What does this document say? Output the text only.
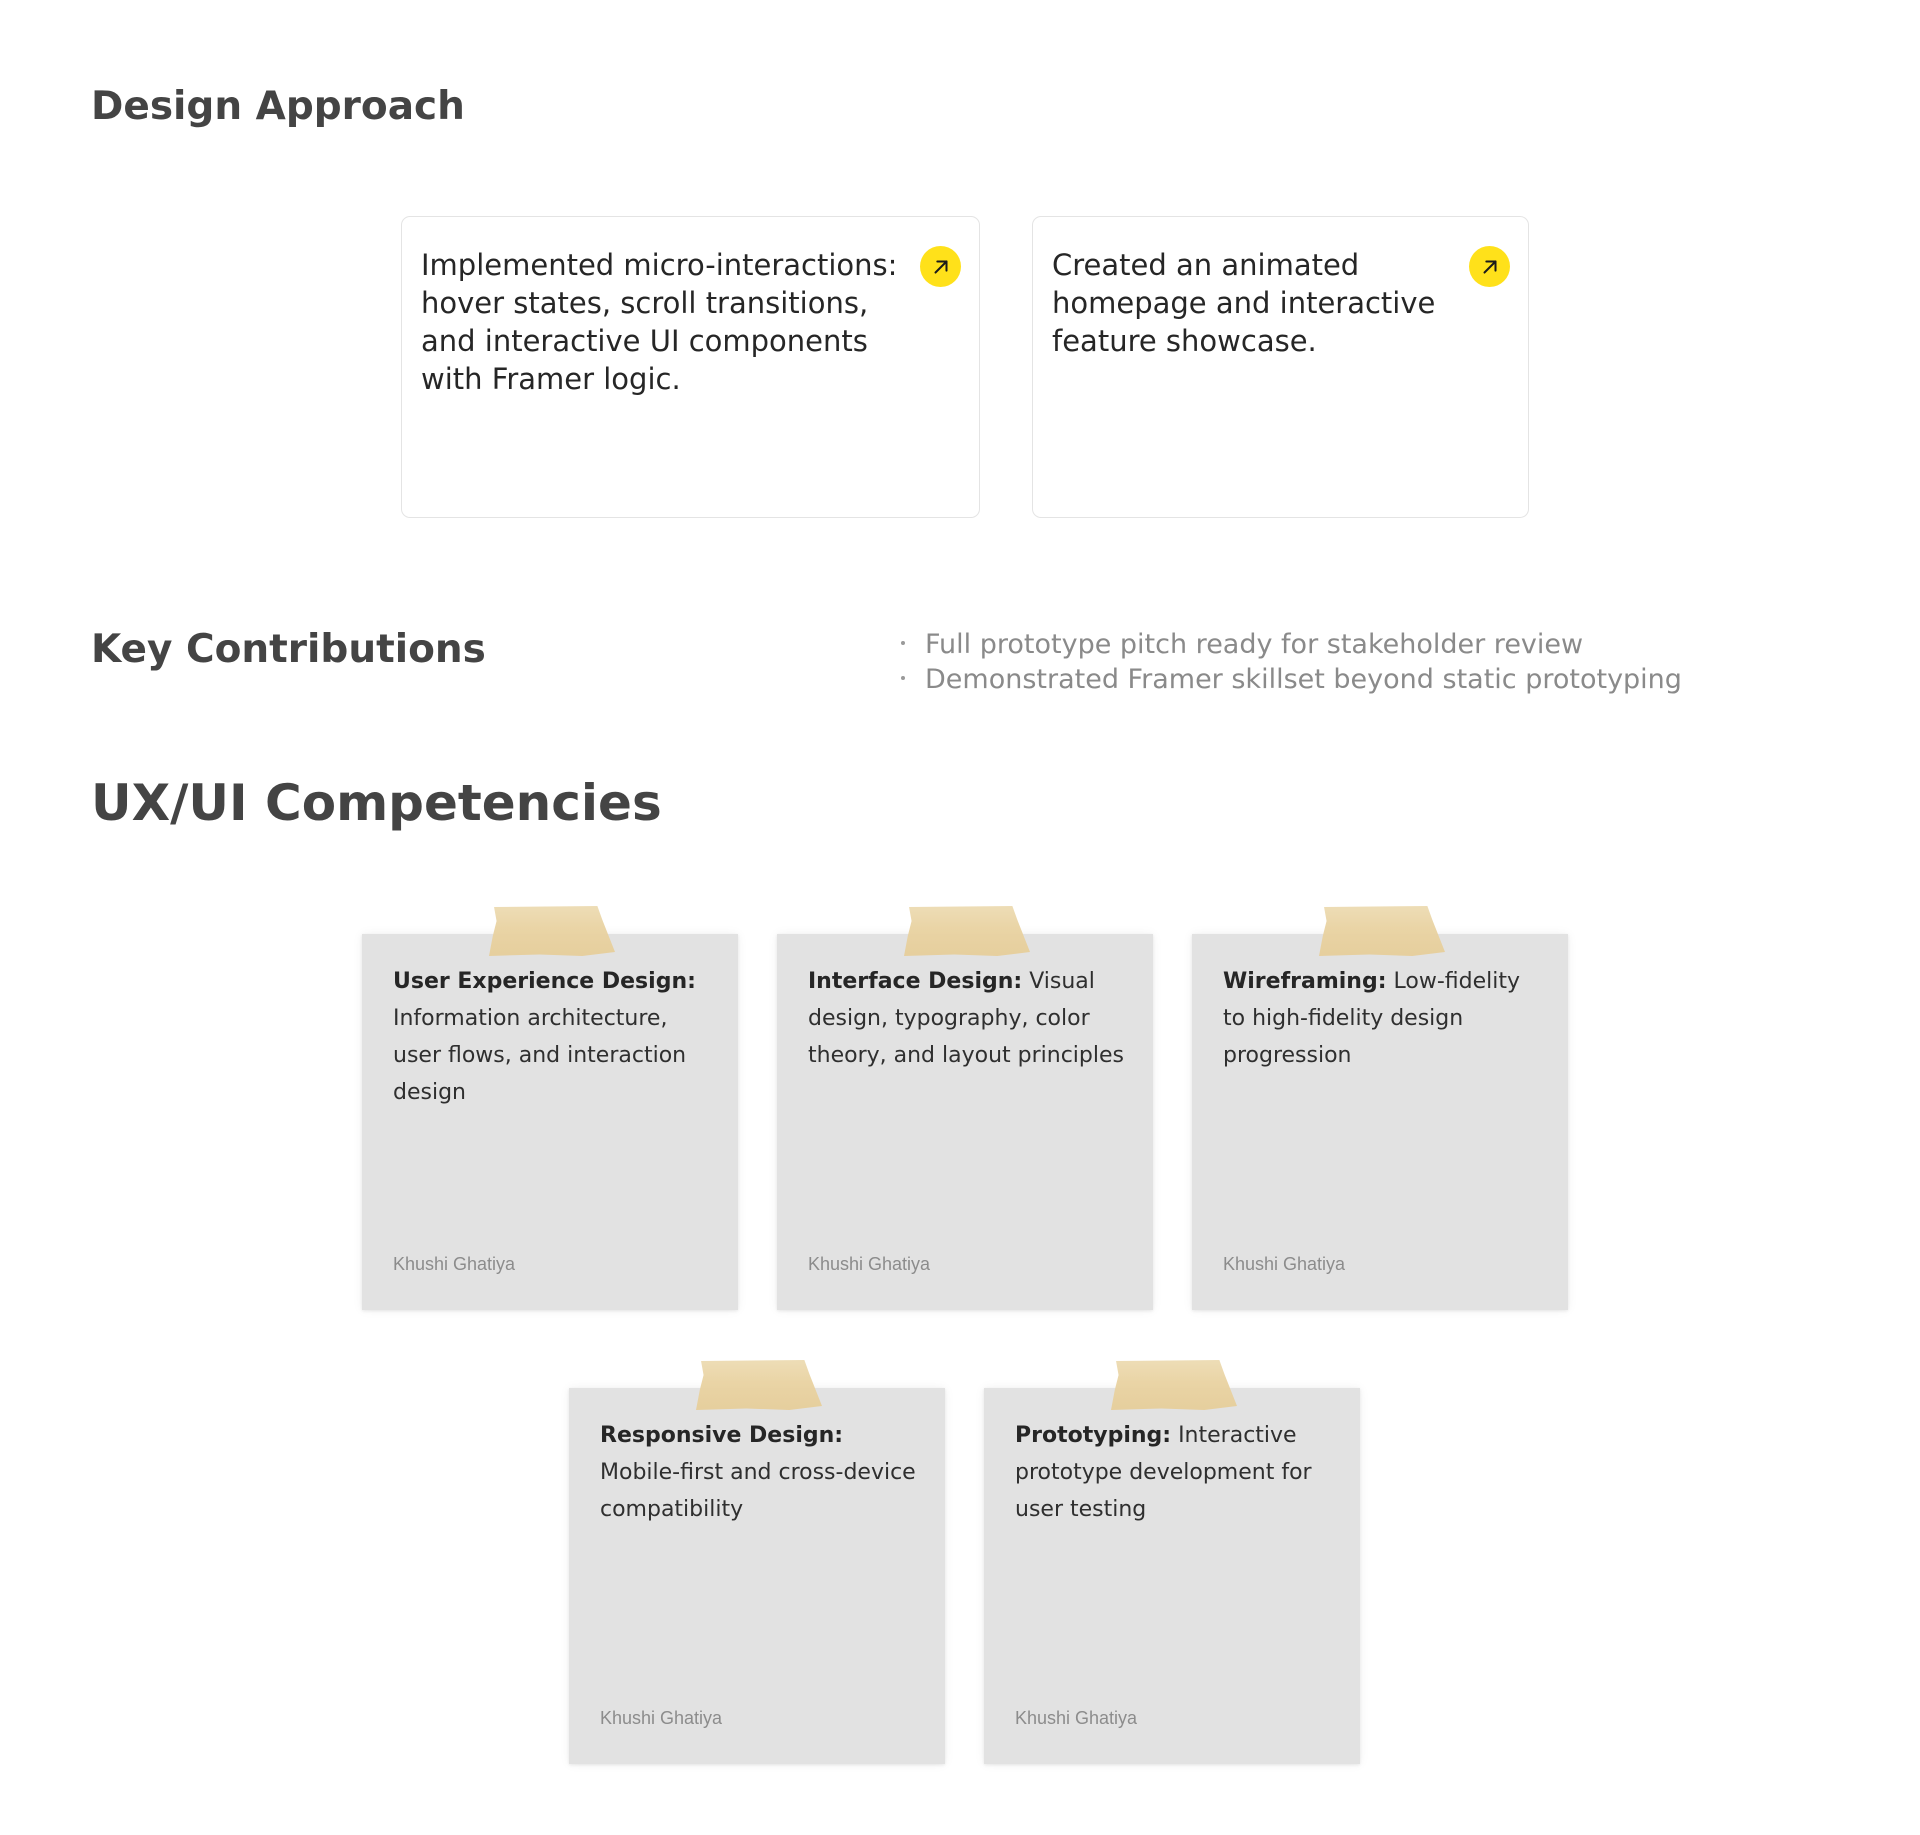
Design Approach

Implemented micro-interactions: hover states, scroll transitions, and interactive UI components with Framer logic.

Created an animated homepage and interactive feature showcase.

Key Contributions	Full prototype pitch ready for stakeholder review
Demonstrated Framer skillset beyond static prototyping
UX/UI Competencies

User Experience Design: Information architecture, user flows, and interaction design

Khushi Ghatiya

Interface Design: Visual design, typography, color theory, and layout principles

Khushi Ghatiya

Wireframing: Low-fidelity to high-fidelity design progression

Khushi Ghatiya

Responsive Design: Mobile-first and cross-device compatibility

Khushi Ghatiya

Prototyping: Interactive prototype development for user testing

Khushi Ghatiya
